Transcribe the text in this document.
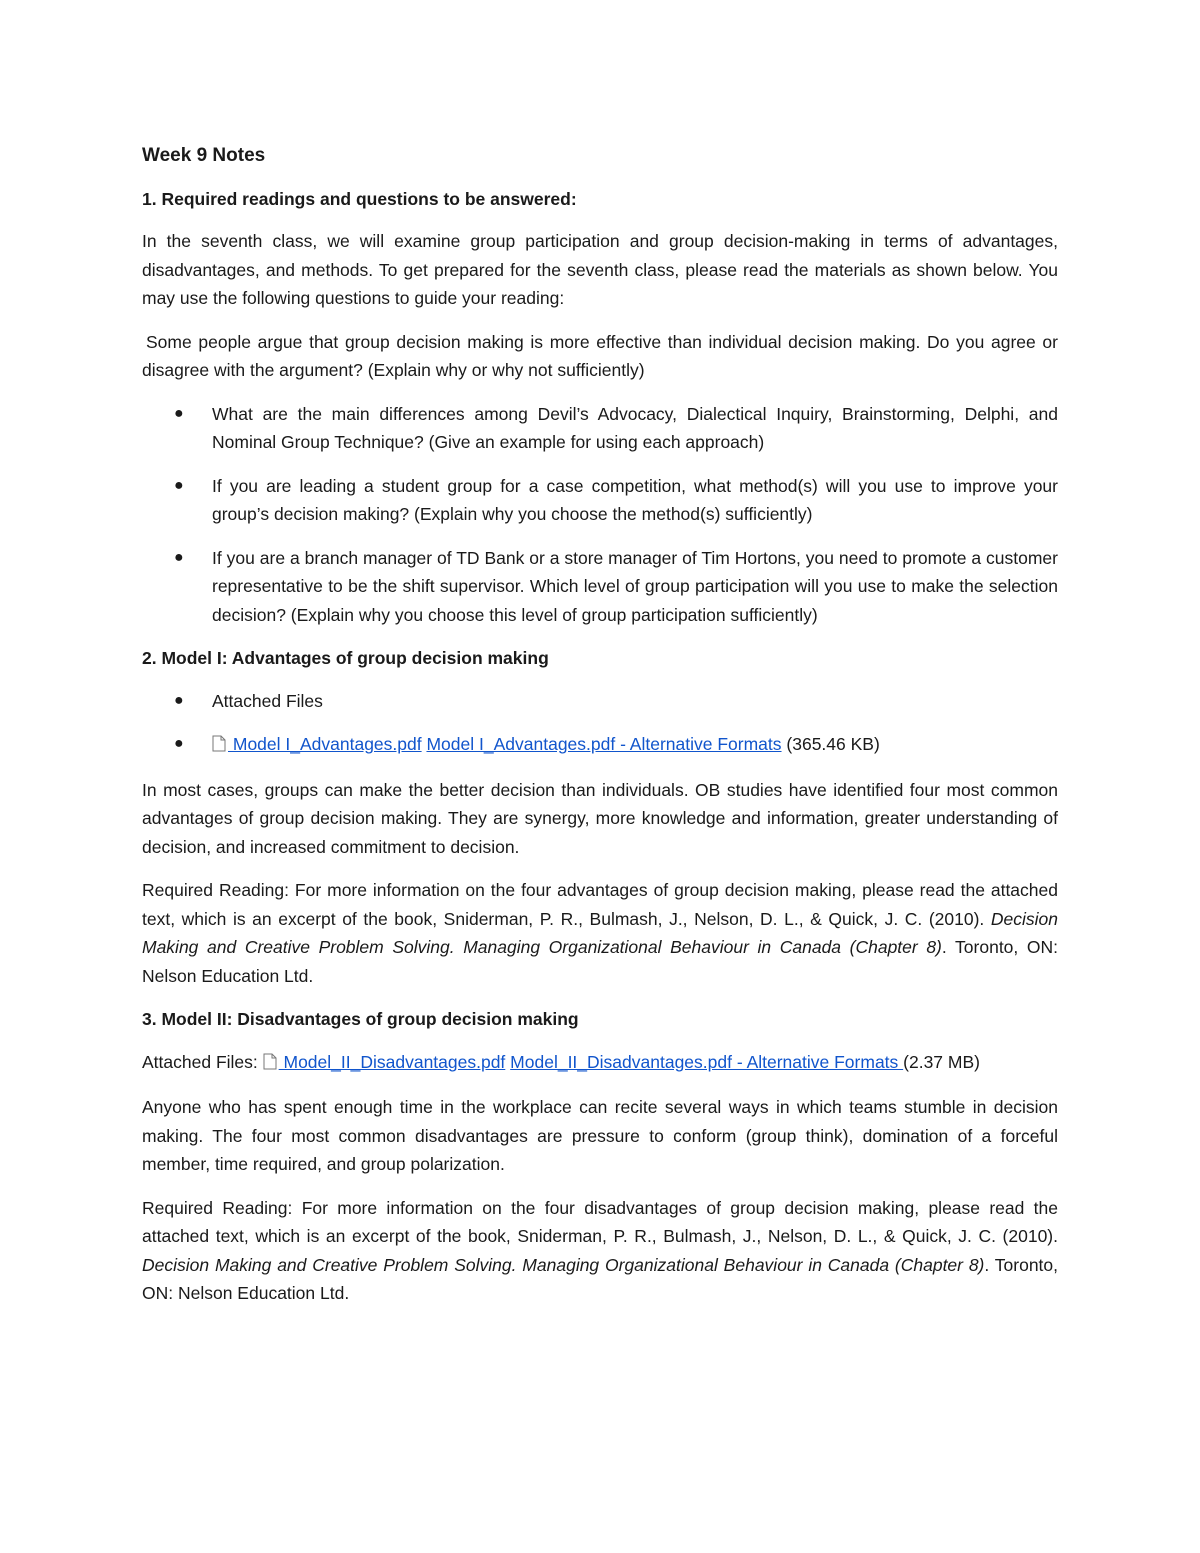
Week 9 Notes
1. Required readings and questions to be answered:

In the seventh class, we will examine group participation and group decision-making in terms of advantages, disadvantages, and methods. To get prepared for the seventh class, please read the materials as shown below. You may use the following questions to guide your reading:

Some people argue that group decision making is more effective than individual decision making. Do you agree or disagree with the argument? (Explain why or why not sufficiently)

● What are the main differences among Devil’s Advocacy, Dialectical Inquiry, Brainstorming, Delphi, and Nominal Group Technique? (Give an example for using each approach)
● If you are leading a student group for a case competition, what method(s) will you use to improve your group’s decision making? (Explain why you choose the method(s) sufficiently)
● If you are a branch manager of TD Bank or a store manager of Tim Hortons, you need to promote a customer representative to be the shift supervisor. Which level of group participation will you use to make the selection decision? (Explain why you choose this level of group participation sufficiently)
2. Model I: Advantages of group decision making
● Attached Files
●	Model I_Advantages.pdf Model I_Advantages.pdf - Alternative Formats (365.46 KB)

In most cases, groups can make the better decision than individuals. OB studies have identified four most common advantages of group decision making. They are synergy, more knowledge and information, greater understanding of decision, and increased commitment to decision.

Required Reading: For more information on the four advantages of group decision making, please read the attached text, which is an excerpt of the book, Sniderman, P. R., Bulmash, J., Nelson, D. L., & Quick, J. C. (2010). Decision Making and Creative Problem Solving. Managing Organizational Behaviour in Canada (Chapter 8). Toronto, ON: Nelson Education Ltd.

3. Model II: Disadvantages of group decision making

Attached Files:  Model_II_Disadvantages.pdf Model_II_Disadvantages.pdf - Alternative Formats (2.37 MB)

Anyone who has spent enough time in the workplace can recite several ways in which teams stumble in decision making. The four most common disadvantages are pressure to conform (group think), domination of a forceful member, time required, and group polarization.

Required Reading: For more information on the four disadvantages of group decision making, please read the attached text, which is an excerpt of the book, Sniderman, P. R., Bulmash, J., Nelson, D. L., & Quick, J. C. (2010). Decision Making and Creative Problem Solving. Managing Organizational Behaviour in Canada (Chapter 8). Toronto, ON: Nelson Education Ltd.
